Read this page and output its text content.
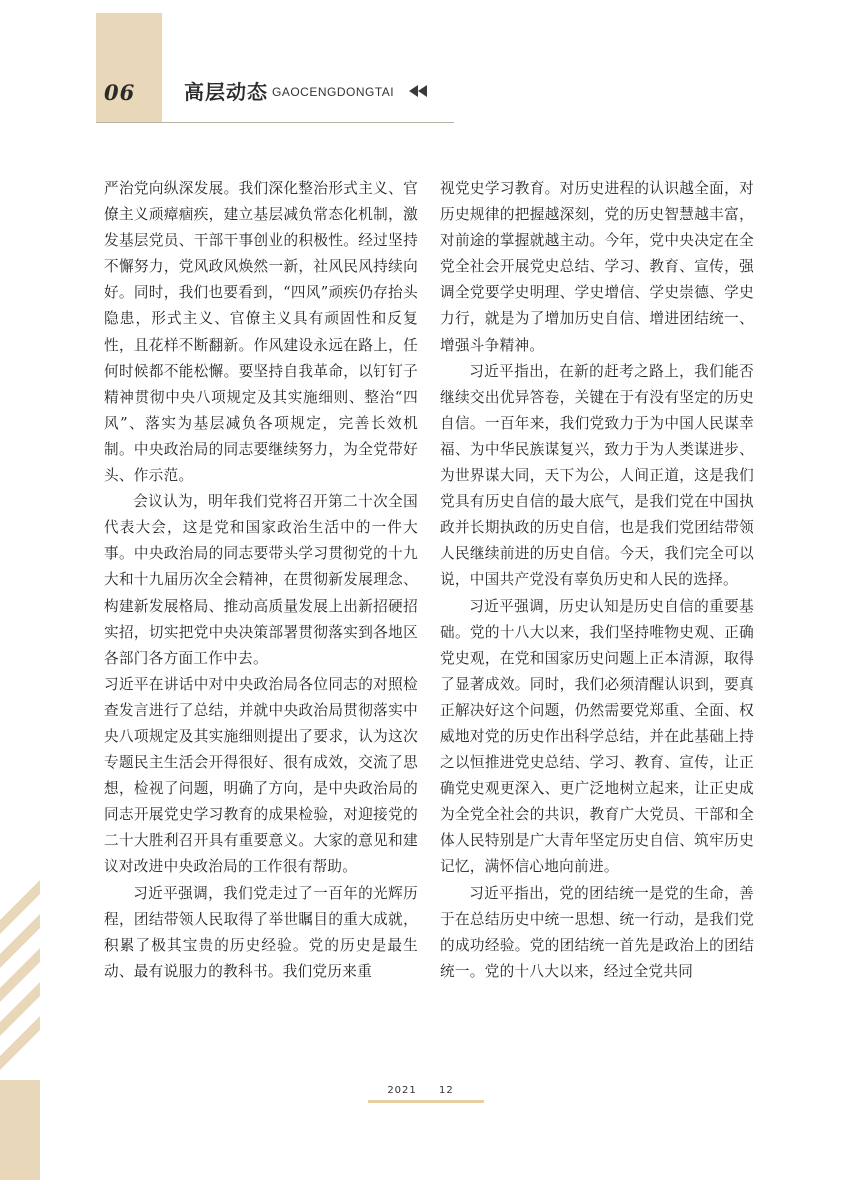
06 高层动态 GAOCENGDONGTAI

严治党向纵深发展。我们深化整治形式主义、官僚主义顽瘴痼疾，建立基层减负常态化机制，激发基层党员、干部干事创业的积极性。经过坚持不懈努力，党风政风焕然一新，社风民风持续向好。同时，我们也要看到，“四风”顽疾仍存抬头隐患，形式主义、官僚主义具有顽固性和反复性，且花样不断翻新。作风建设永远在路上，任何时候都不能松懈。要坚持自我革命，以钉钉子精神贯彻中央八项规定及其实施细则、整治“四风”、落实为基层减负各项规定，完善长效机制。中央政治局的同志要继续努力，为全党带好头、作示范。

会议认为，明年我们党将召开第二十次全国代表大会，这是党和国家政治生活中的一件大事。中央政治局的同志要带头学习贯彻党的十九大和十九届历次全会精神，在贯彻新发展理念、构建新发展格局、推动高质量发展上出新招硬招实招，切实把党中央决策部署贯彻落实到各地区各部门各方面工作中去。

习近平在讲话中对中央政治局各位同志的对照检查发言进行了总结，并就中央政治局贯彻落实中央八项规定及其实施细则提出了要求，认为这次专题民主生活会开得很好、很有成效，交流了思想，检视了问题，明确了方向，是中央政治局的同志开展党史学习教育的成果检验，对迎接党的二十大胜利召开具有重要意义。大家的意见和建议对改进中央政治局的工作很有帮助。

习近平强调，我们党走过了一百年的光辉历程，团结带领人民取得了举世瞩目的重大成就，积累了极其宝贵的历史经验。党的历史是最生动、最有说服力的教科书。我们党历来重

视党史学习教育。对历史进程的认识越全面，对历史规律的把握越深刻，党的历史智慧越丰富，对前途的掌握就越主动。今年，党中央决定在全党全社会开展党史总结、学习、教育、宣传，强调全党要学史明理、学史增信、学史崇德、学史力行，就是为了增加历史自信、增进团结统一、增强斗争精神。

习近平指出，在新的赶考之路上，我们能否继续交出优异答卷，关键在于有没有坚定的历史自信。一百年来，我们党致力于为中国人民谋幸福、为中华民族谋复兴，致力于为人类谋进步、为世界谋大同，天下为公，人间正道，这是我们党具有历史自信的最大底气，是我们党在中国执政并长期执政的历史自信，也是我们党团结带领人民继续前进的历史自信。今天，我们完全可以说，中国共产党没有辜负历史和人民的选择。

习近平强调，历史认知是历史自信的重要基础。党的十八大以来，我们坚持唯物史观、正确党史观，在党和国家历史问题上正本清源，取得了显著成效。同时，我们必须清醒认识到，要真正解决好这个问题，仍然需要党郑重、全面、权威地对党的历史作出科学总结，并在此基础上持之以恒推进党史总结、学习、教育、宣传，让正确党史观更深入、更广泛地树立起来，让正史成为全党全社会的共识，教育广大党员、干部和全体人民特别是广大青年坚定历史自信、筑牢历史记忆，满怀信心地向前进。

习近平指出，党的团结统一是党的生命，善于在总结历史中统一思想、统一行动，是我们党的成功经验。党的团结统一首先是政治上的团结统一。党的十八大以来，经过全党共同

2021 12
